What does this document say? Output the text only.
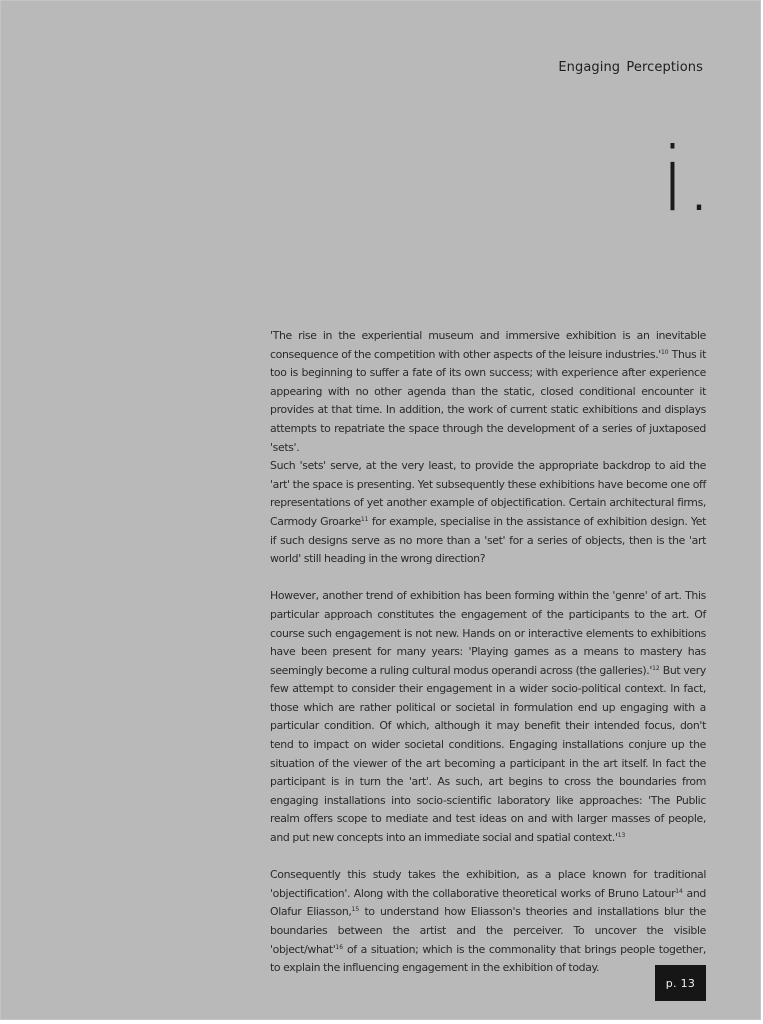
Engaging Perceptions
i.

'The rise in the experiential museum and immersive exhibition is an inevitable consequence of the competition with other aspects of the leisure $industries.'^{10}$ Thus it too is beginning to suffer a fate of its own success; with experience after experience appearing with no other agenda than the static, closed conditional encounter it provides at that time. In addition, the work of current static exhibitions and displays attempts to repatriate the space through the development of a series of juxtaposed 'sets'.

Such 'sets' serve, at the very least, to provide the appropriate backdrop to aid the 'art' the space is presenting. Yet subsequently these exhibitions have become one off representations of yet another example of objectification. Certain architectural firms, Carmody Groarke$^{11}$ for example, specialise in the assistance of exhibition design. Yet if such designs serve as no more than a 'set' for a series of objects, then is the 'art world' still heading in the wrong direction?

However, another trend of exhibition has been forming within the 'genre' of art. This particular approach constitutes the engagement of the participants to the art. Of course such engagement is not new. Hands on or interactive elements to exhibitions have been present for many years: 'Playing games as a means to mastery has seemingly become a ruling cultural modus operandi across (the $galleries).'^{12}$ But very few attempt to consider their engagement in a wider socio-political context. In fact, those which are rather political or societal in formulation end up engaging with a particular condition. Of which, although it may benefit their intended focus, don't tend to impact on wider societal conditions. Engaging installations conjure up the situation of the viewer of the art becoming a participant in the art itself. In fact the participant is in turn the 'art'. As such, art begins to cross the boundaries from engaging installations into socio-scientific laboratory like approaches: 'The Public realm offers scope to mediate and test ideas on and with larger masses of people, and put new concepts into an immediate social and spatial $context.'^{13}$

Consequently this study takes the exhibition, as a place known for traditional 'objectification'. Along with the collaborative theoretical works of Bruno Latour$^{14}$ and Olafur Eliasson,$^{15}$ to understand how Eliasson's theories and installations blur the boundaries between the artist and the perceiver. To uncover the visible '$object/what'^{16}$ of a situation; which is the commonality that brings people together, to explain the influencing engagement in the exhibition of today.

p. 13
